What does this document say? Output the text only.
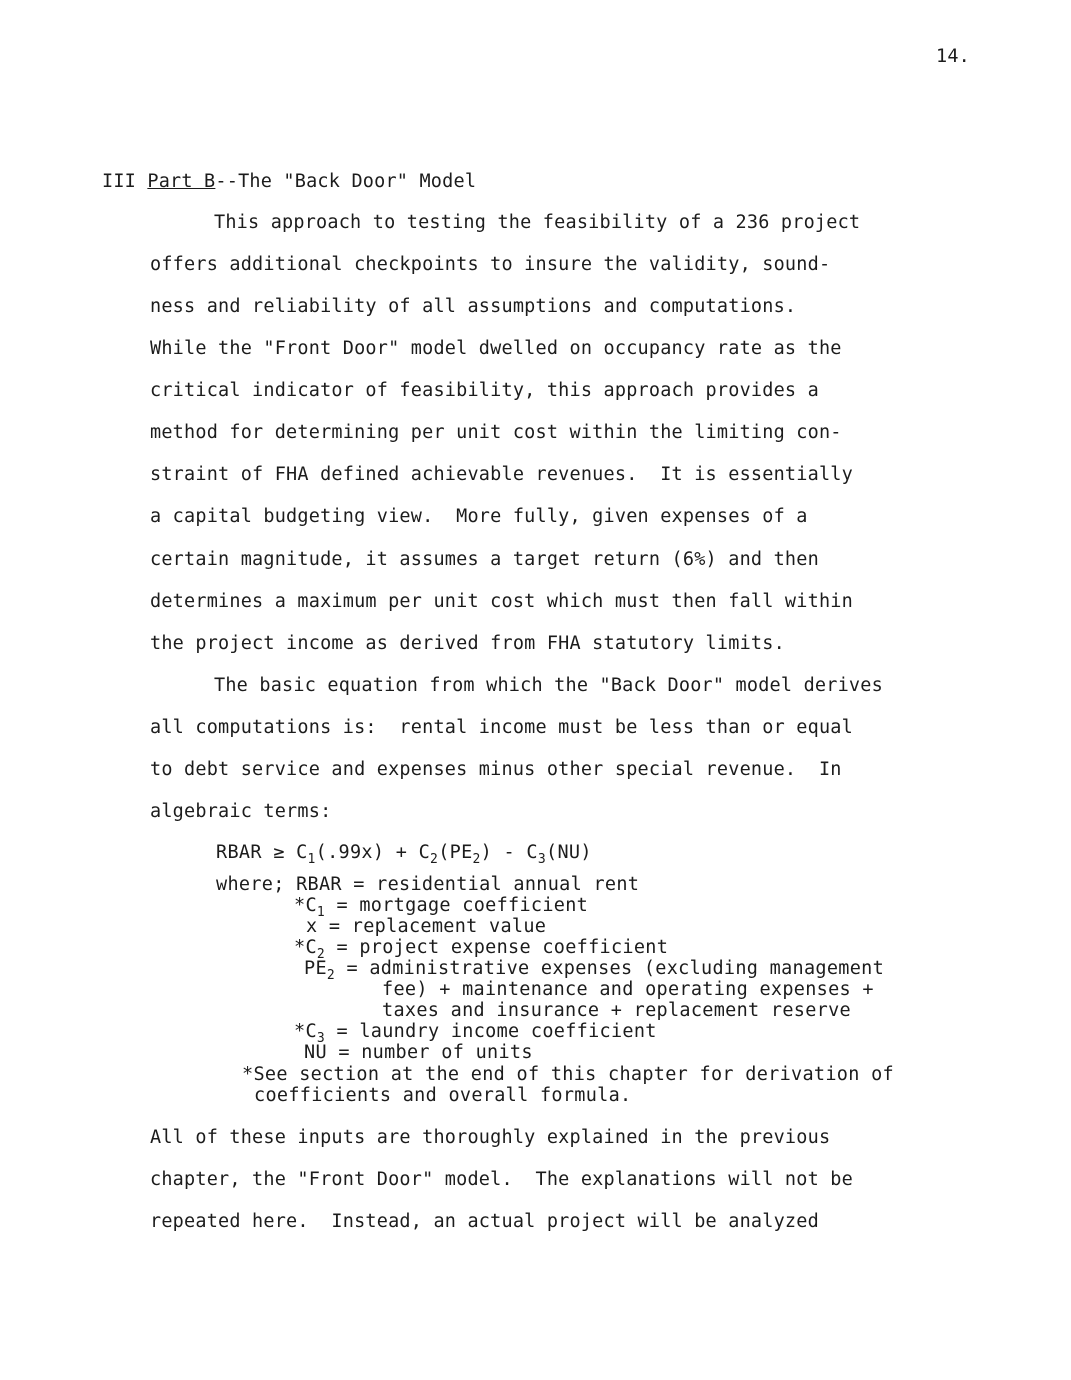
14.
III Part B--The "Back Door" Model
This approach to testing the feasibility of a 236 project
offers additional checkpoints to insure the validity, sound-
ness and reliability of all assumptions and computations.
While the "Front Door" model dwelled on occupancy rate as the
critical indicator of feasibility, this approach provides a
method for determining per unit cost within the limiting con-
straint of FHA defined achievable revenues.  It is essentially
a capital budgeting view.  More fully, given expenses of a
certain magnitude, it assumes a target return (6%) and then
determines a maximum per unit cost which must then fall within
the project income as derived from FHA statutory limits.
The basic equation from which the "Back Door" model derives
all computations is:  rental income must be less than or equal
to debt service and expenses minus other special revenue.  In
algebraic terms:
RBAR ≥ $C_1(.99x) + C_2(PE_2) - C_3(NU)$
where; RBAR = residential annual rent
$*C_1$ = mortgage coefficient
x = replacement value
$*C_2$ = project expense coefficient
$PE_2$ = administrative expenses (excluding management
fee) + maintenance and operating expenses +
taxes and insurance + replacement reserve
$*C_3$ = laundry income coefficient
NU = number of units
*See section at the end of this chapter for derivation of
coefficients and overall formula.
All of these inputs are thoroughly explained in the previous
chapter, the "Front Door" model.  The explanations will not be
repeated here.  Instead, an actual project will be analyzed
